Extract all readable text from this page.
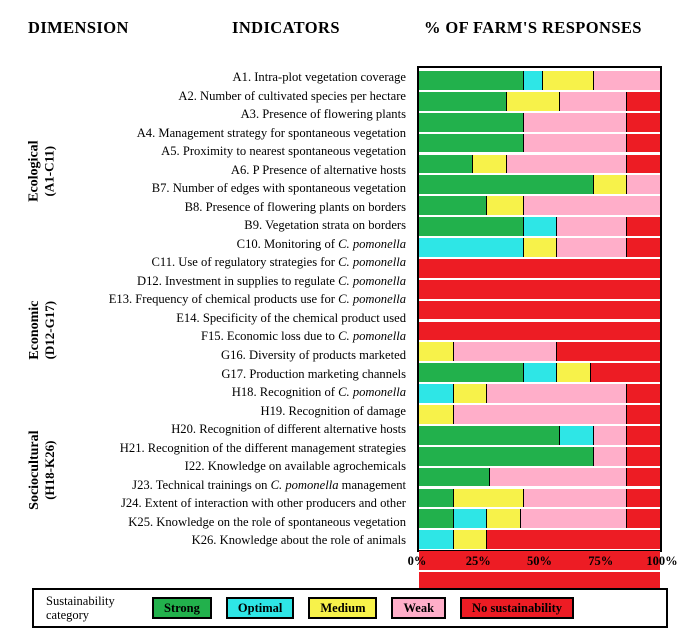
DIMENSION	INDICATORS	% OF FARM'S RESPONSES
Ecological (A1-C11)
Economic (D12-G17)
Sociocultural (H18-K26)
A1. Intra-plot vegetation coverage
A2. Number of cultivated species per hectare
A3. Presence of flowering plants
A4. Management strategy for spontaneous vegetation
A5. Proximity to nearest spontaneous vegetation
A6. P Presence of alternative hosts
B7. Number of edges with spontaneous vegetation
B8. Presence of flowering plants on borders
B9. Vegetation strata on borders
C10. Monitoring of C. pomonella
C11. Use of regulatory strategies for C. pomonella
D12. Investment in supplies to regulate C. pomonella
E13. Frequency of chemical products use for C. pomonella
E14. Specificity of the chemical product used
F15. Economic loss due to C. pomonella
G16. Diversity of products marketed
G17. Production marketing channels
H18. Recognition of C. pomonella
H19. Recognition of damage
H20. Recognition of different alternative hosts
H21. Recognition of the different management strategies
I22. Knowledge on available agrochemicals
J23. Technical trainings on C. pomonella management
J24. Extent of interaction with other producers and other
K25. Knowledge on the role of spontaneous vegetation
K26. Knowledge about the role of animals
0%	25%	50%	75%	100%
Sustainability category
Strong	Optimal	Medium	Weak	No sustainability
